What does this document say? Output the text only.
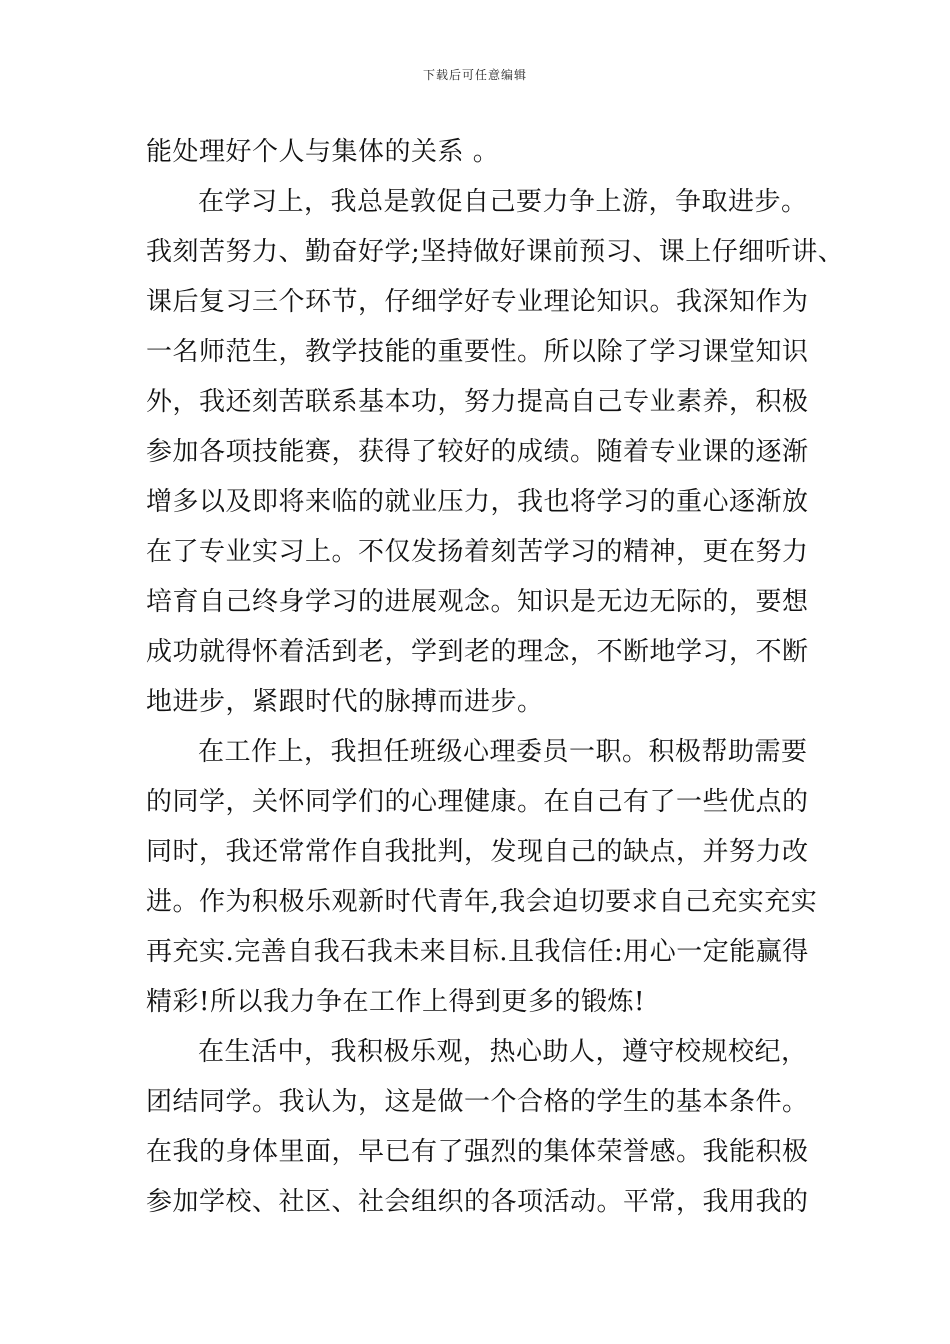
下载后可任意编辑
能处理好个人与集体的关系 。
在学习上，我总是敦促自己要力争上游，争取进步。
我刻苦努力、勤奋好学;坚持做好课前预习、课上仔细听讲、
课后复习三个环节，仔细学好专业理论知识。我深知作为
一名师范生，教学技能的重要性。所以除了学习课堂知识
外，我还刻苦联系基本功，努力提高自己专业素养，积极
参加各项技能赛，获得了较好的成绩。随着专业课的逐渐
增多以及即将来临的就业压力，我也将学习的重心逐渐放
在了专业实习上。不仅发扬着刻苦学习的精神，更在努力
培育自己终身学习的进展观念。知识是无边无际的，要想
成功就得怀着活到老，学到老的理念，不断地学习，不断
地进步，紧跟时代的脉搏而进步。
在工作上，我担任班级心理委员一职。积极帮助需要
的同学，关怀同学们的心理健康。在自己有了一些优点的
同时，我还常常作自我批判，发现自己的缺点，并努力改
进。作为积极乐观新时代青年,我会迫切要求自己充实充实
再充实.完善自我石我未来目标.且我信任:用心一定能赢得
精彩!所以我力争在工作上得到更多的锻炼!
在生活中，我积极乐观，热心助人，遵守校规校纪，
团结同学。我认为，这是做一个合格的学生的基本条件。
在我的身体里面，早已有了强烈的集体荣誉感。我能积极
参加学校、社区、社会组织的各项活动。平常，我用我的
